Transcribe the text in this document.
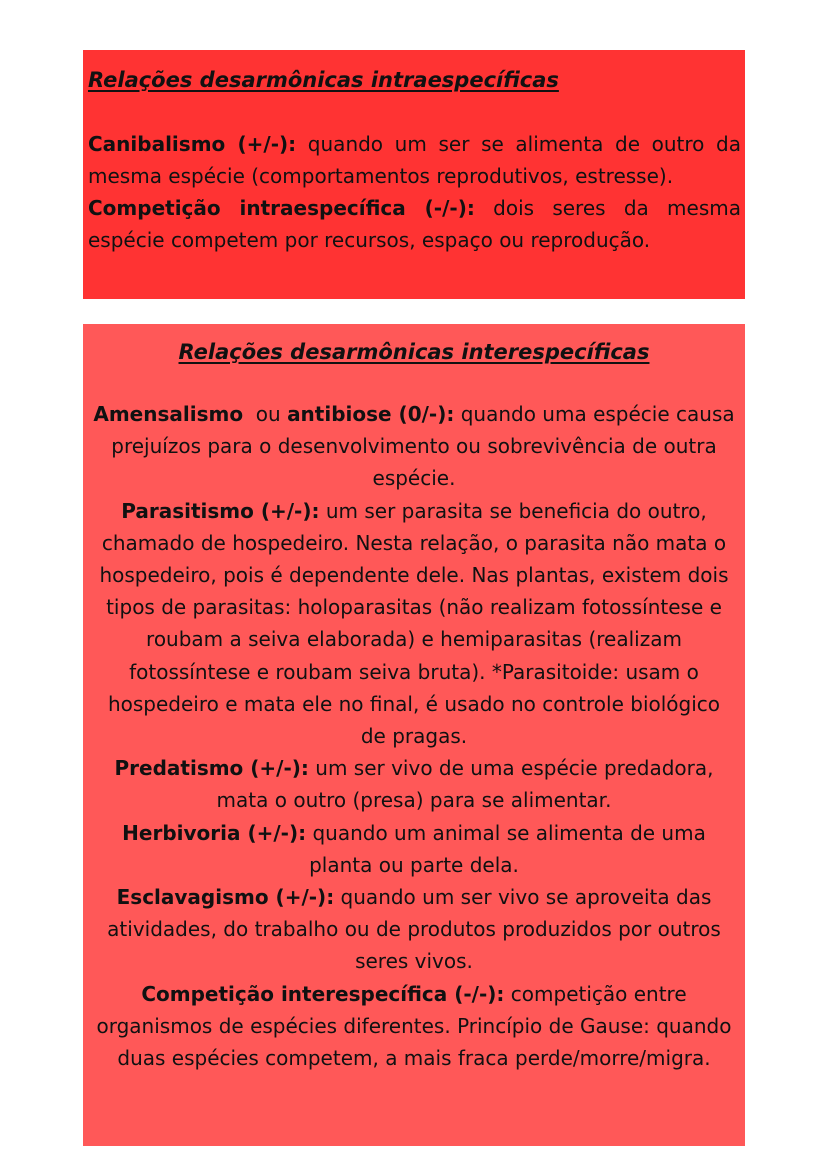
Relações desarmônicas intraespecíficas

Canibalismo (+/-): quando um ser se alimenta de outro da mesma espécie (comportamentos reprodutivos, estresse).

Competição intraespecífica (-/-): dois seres da mesma espécie competem por recursos, espaço ou reprodução.

Relações desarmônicas interespecíficas

Amensalismo  ou antibiose (0/-): quando uma espécie causa prejuízos para o desenvolvimento ou sobrevivência de outra espécie.

Parasitismo (+/-): um ser parasita se beneficia do outro, chamado de hospedeiro. Nesta relação, o parasita não mata o hospedeiro, pois é dependente dele. Nas plantas, existem dois tipos de parasitas: holoparasitas (não realizam fotossíntese e roubam a seiva elaborada) e hemiparasitas (realizam fotossíntese e roubam seiva bruta). *Parasitoide: usam o hospedeiro e mata ele no final, é usado no controle biológico de pragas.

Predatismo (+/-): um ser vivo de uma espécie predadora, mata o outro (presa) para se alimentar.

Herbivoria (+/-): quando um animal se alimenta de uma planta ou parte dela.

Esclavagismo (+/-): quando um ser vivo se aproveita das atividades, do trabalho ou de produtos produzidos por outros seres vivos.

Competição interespecífica (-/-): competição entre organismos de espécies diferentes. Princípio de Gause: quando duas espécies competem, a mais fraca perde/morre/migra.
